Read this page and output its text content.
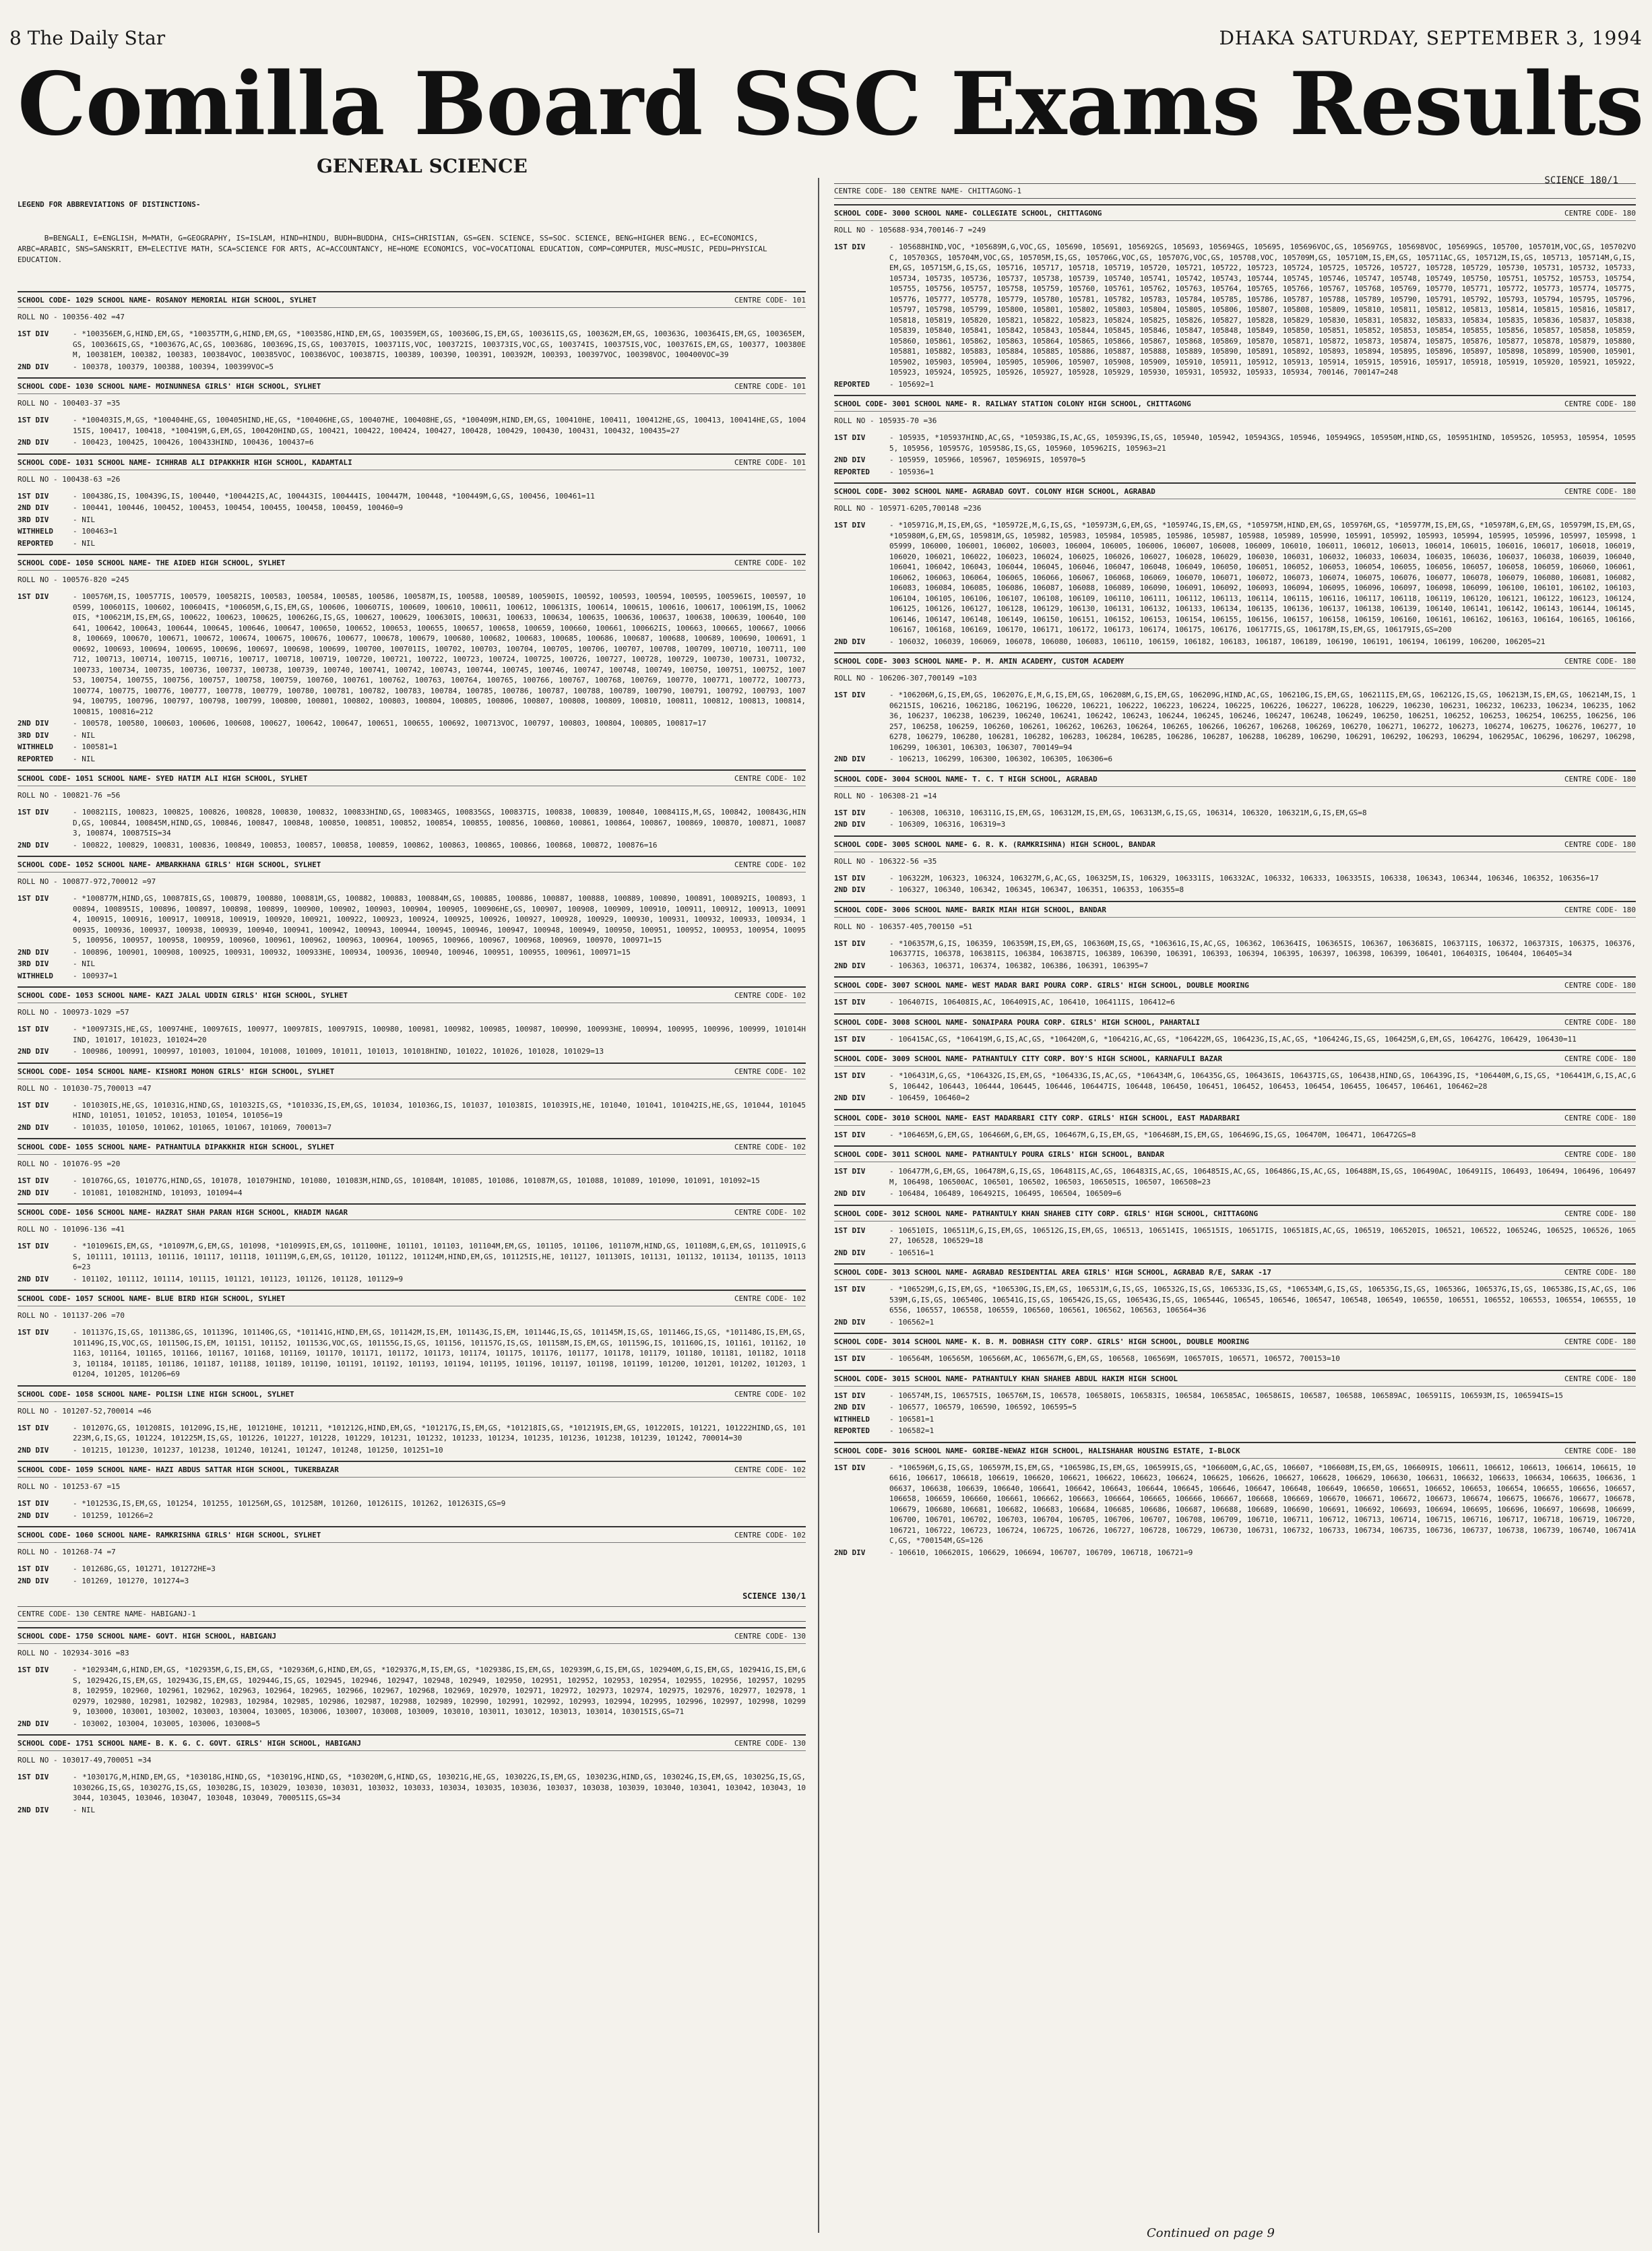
8 The Daily Star	DHAKA SATURDAY, SEPTEMBER 3, 1994
Comilla Board SSC Exams Results
GENERAL SCIENCE
SCIENCE 180/1

LEGEND FOR ABBREVIATIONS OF DISTINCTIONS-

B=BENGALI, E=ENGLISH, M=MATH, G=GEOGRAPHY, IS=ISLAM, HIND=HINDU, BUDH=BUDDHA, CHIS=CHRISTIAN, GS=GEN. SCIENCE, SS=SOC. SCIENCE, BENG=HIGHER BENG., EC=ECONOMICS, ARBC=ARABIC, SNS=SANSKRIT, EM=ELECTIVE MATH, SCA=SCIENCE FOR ARTS, AC=ACCOUNTANCY, HE=HOME ECONOMICS, VOC=VOCATIONAL EDUCATION, COMP=COMPUTER, MUSC=MUSIC, PEDU=PHYSICAL EDUCATION.

SCHOOL CODE- 1029 SCHOOL NAME- ROSANOY MEMORIAL HIGH SCHOOL, SYLHET	CENTRE CODE- 101
ROLL NO - 100356-402 =47
1ST DIV	- *100356EM,G,HIND,EM,GS, *100357TM,G,HIND,EM,GS, *100358G,HIND,EM,GS, 100359EM,GS, 100360G,IS,EM,GS, 100361IS,GS, 100362M,EM,GS, 100363G, 100364IS,EM,GS, 100365EM,GS, 100366IS,GS, *100367G,AC,GS, 100368G, 100369G,IS,GS, 100370IS, 100371IS,VOC, 100372IS, 100373IS,VOC,GS, 100374IS, 100375IS,VOC, 100376IS,EM,GS, 100377, 100380EM, 100381EM, 100382, 100383, 100384VOC, 100385VOC, 100386VOC, 100387IS, 100389, 100390, 100391, 100392M, 100393, 100397VOC, 100398VOC, 100400VOC=39
2ND DIV	- 100378, 100379, 100388, 100394, 100399VOC=5
SCHOOL CODE- 1030 SCHOOL NAME- MOINUNNESA GIRLS' HIGH SCHOOL, SYLHET	CENTRE CODE- 101
ROLL NO - 100403-37 =35
1ST DIV	- *100403IS,M,GS, *100404HE,GS, 100405HIND,HE,GS, *100406HE,GS, 100407HE, 100408HE,GS, *100409M,HIND,EM,GS, 100410HE, 100411, 100412HE,GS, 100413, 100414HE,GS, 100415IS, 100417, 100418, *100419M,G,EM,GS, 100420HIND,GS, 100421, 100422, 100424, 100427, 100428, 100429, 100430, 100431, 100432, 100435=27
2ND DIV	- 100423, 100425, 100426, 100433HIND, 100436, 100437=6
SCHOOL CODE- 1031 SCHOOL NAME- ICHHRAB ALI DIPAKKHIR HIGH SCHOOL, KADAMTALI	CENTRE CODE- 101
ROLL NO - 100438-63 =26
1ST DIV	- 100438G,IS, 100439G,IS, 100440, *100442IS,AC, 100443IS, 100444IS, 100447M, 100448, *100449M,G,GS, 100456, 100461=11
2ND DIV	- 100441, 100446, 100452, 100453, 100454, 100455, 100458, 100459, 100460=9
3RD DIV	- NIL
WITHHELD	- 100463=1
REPORTED	- NIL
SCHOOL CODE- 1050 SCHOOL NAME- THE AIDED HIGH SCHOOL, SYLHET	CENTRE CODE- 102
ROLL NO - 100576-820 =245
1ST DIV	- 100576M,IS, 100577IS, 100579, 100582IS, 100583, 100584, 100585, 100586, 100587M,IS, 100588, 100589, 100590IS, 100592, 100593, 100594, 100595, 100596IS, 100597, 100599, 100601IS, 100602, 100604IS, *100605M,G,IS,EM,GS, 100606, 100607IS, 100609, 100610, 100611, 100612, 100613IS, 100614, 100615, 100616, 100617, 100619M,IS, 100620IS, *100621M,IS,EM,GS, 100622, 100623, 100625, 100626G,IS,GS, 100627, 100629, 100630IS, 100631, 100633, 100634, 100635, 100636, 100637, 100638, 100639, 100640, 100641, 100642, 100643, 100644, 100645, 100646, 100647, 100650, 100652, 100653, 100655, 100657, 100658, 100659, 100660, 100661, 100662IS, 100663, 100665, 100667, 100668, 100669, 100670, 100671, 100672, 100674, 100675, 100676, 100677, 100678, 100679, 100680, 100682, 100683, 100685, 100686, 100687, 100688, 100689, 100690, 100691, 100692, 100693, 100694, 100695, 100696, 100697, 100698, 100699, 100700, 100701IS, 100702, 100703, 100704, 100705, 100706, 100707, 100708, 100709, 100710, 100711, 100712, 100713, 100714, 100715, 100716, 100717, 100718, 100719, 100720, 100721, 100722, 100723, 100724, 100725, 100726, 100727, 100728, 100729, 100730, 100731, 100732, 100733, 100734, 100735, 100736, 100737, 100738, 100739, 100740, 100741, 100742, 100743, 100744, 100745, 100746, 100747, 100748, 100749, 100750, 100751, 100752, 100753, 100754, 100755, 100756, 100757, 100758, 100759, 100760, 100761, 100762, 100763, 100764, 100765, 100766, 100767, 100768, 100769, 100770, 100771, 100772, 100773, 100774, 100775, 100776, 100777, 100778, 100779, 100780, 100781, 100782, 100783, 100784, 100785, 100786, 100787, 100788, 100789, 100790, 100791, 100792, 100793, 100794, 100795, 100796, 100797, 100798, 100799, 100800, 100801, 100802, 100803, 100804, 100805, 100806, 100807, 100808, 100809, 100810, 100811, 100812, 100813, 100814, 100815, 100816=212
2ND DIV	- 100578, 100580, 100603, 100606, 100608, 100627, 100642, 100647, 100651, 100655, 100692, 100713VOC, 100797, 100803, 100804, 100805, 100817=17
3RD DIV	- NIL
WITHHELD	- 100581=1
REPORTED	- NIL
SCHOOL CODE- 1051 SCHOOL NAME- SYED HATIM ALI HIGH SCHOOL, SYLHET	CENTRE CODE- 102
ROLL NO - 100821-76 =56
1ST DIV	- 100821IS, 100823, 100825, 100826, 100828, 100830, 100832, 100833HIND,GS, 100834GS, 100835GS, 100837IS, 100838, 100839, 100840, 100841IS,M,GS, 100842, 100843G,HIND,GS, 100844, 100845M,HIND,GS, 100846, 100847, 100848, 100850, 100851, 100852, 100854, 100855, 100856, 100860, 100861, 100864, 100867, 100869, 100870, 100871, 100873, 100874, 100875IS=34
2ND DIV	- 100822, 100829, 100831, 100836, 100849, 100853, 100857, 100858, 100859, 100862, 100863, 100865, 100866, 100868, 100872, 100876=16
SCHOOL CODE- 1052 SCHOOL NAME- AMBARKHANA GIRLS' HIGH SCHOOL, SYLHET	CENTRE CODE- 102
ROLL NO - 100877-972,700012 =97
1ST DIV	- *100877M,HIND,GS, 100878IS,GS, 100879, 100880, 100881M,GS, 100882, 100883, 100884M,GS, 100885, 100886, 100887, 100888, 100889, 100890, 100891, 100892IS, 100893, 100894, 100895IS, 100896, 100897, 100898, 100899, 100900, 100902, 100903, 100904, 100905, 100906HE,GS, 100907, 100908, 100909, 100910, 100911, 100912, 100913, 100914, 100915, 100916, 100917, 100918, 100919, 100920, 100921, 100922, 100923, 100924, 100925, 100926, 100927, 100928, 100929, 100930, 100931, 100932, 100933, 100934, 100935, 100936, 100937, 100938, 100939, 100940, 100941, 100942, 100943, 100944, 100945, 100946, 100947, 100948, 100949, 100950, 100951, 100952, 100953, 100954, 100955, 100956, 100957, 100958, 100959, 100960, 100961, 100962, 100963, 100964, 100965, 100966, 100967, 100968, 100969, 100970, 100971=15
2ND DIV	- 100896, 100901, 100908, 100925, 100931, 100932, 100933HE, 100934, 100936, 100940, 100946, 100951, 100955, 100961, 100971=15
3RD DIV	- NIL
WITHHELD	- 100937=1
SCHOOL CODE- 1053 SCHOOL NAME- KAZI JALAL UDDIN GIRLS' HIGH SCHOOL, SYLHET	CENTRE CODE- 102
ROLL NO - 100973-1029 =57
1ST DIV	- *100973IS,HE,GS, 100974HE, 100976IS, 100977, 100978IS, 100979IS, 100980, 100981, 100982, 100985, 100987, 100990, 100993HE, 100994, 100995, 100996, 100999, 101014HIND, 101017, 101023, 101024=20
2ND DIV	- 100986, 100991, 100997, 101003, 101004, 101008, 101009, 101011, 101013, 101018HIND, 101022, 101026, 101028, 101029=13
SCHOOL CODE- 1054 SCHOOL NAME- KISHORI MOHON GIRLS' HIGH SCHOOL, SYLHET	CENTRE CODE- 102
ROLL NO - 101030-75,700013 =47
1ST DIV	- 101030IS,HE,GS, 101031G,HIND,GS, 101032IS,GS, *101033G,IS,EM,GS, 101034, 101036G,IS, 101037, 101038IS, 101039IS,HE, 101040, 101041, 101042IS,HE,GS, 101044, 101045HIND, 101051, 101052, 101053, 101054, 101056=19
2ND DIV	- 101035, 101050, 101062, 101065, 101067, 101069, 700013=7
SCHOOL CODE- 1055 SCHOOL NAME- PATHANTULA DIPAKKHIR HIGH SCHOOL, SYLHET	CENTRE CODE- 102
ROLL NO - 101076-95 =20
1ST DIV	- 101076G,GS, 101077G,HIND,GS, 101078, 101079HIND, 101080, 101083M,HIND,GS, 101084M, 101085, 101086, 101087M,GS, 101088, 101089, 101090, 101091, 101092=15
2ND DIV	- 101081, 101082HIND, 101093, 101094=4
SCHOOL CODE- 1056 SCHOOL NAME- HAZRAT SHAH PARAN HIGH SCHOOL, KHADIM NAGAR	CENTRE CODE- 102
ROLL NO - 101096-136 =41
1ST DIV	- *101096IS,EM,GS, *101097M,G,EM,GS, 101098, *101099IS,EM,GS, 101100HE, 101101, 101103, 101104M,EM,GS, 101105, 101106, 101107M,HIND,GS, 101108M,G,EM,GS, 101109IS,GS, 101111, 101113, 101116, 101117, 101118, 101119M,G,EM,GS, 101120, 101122, 101124M,HIND,EM,GS, 101125IS,HE, 101127, 101130IS, 101131, 101132, 101134, 101135, 101136=23
2ND DIV	- 101102, 101112, 101114, 101115, 101121, 101123, 101126, 101128, 101129=9
SCHOOL CODE- 1057 SCHOOL NAME- BLUE BIRD HIGH SCHOOL, SYLHET	CENTRE CODE- 102
ROLL NO - 101137-206 =70
1ST DIV	- 101137G,IS,GS, 101138G,GS, 101139G, 101140G,GS, *101141G,HIND,EM,GS, 101142M,IS,EM, 101143G,IS,EM, 101144G,IS,GS, 101145M,IS,GS, 101146G,IS,GS, *101148G,IS,EM,GS, 101149G,IS,VOC,GS, 101150G,IS,EM, 101151, 101152, 101153G,VOC,GS, 101155G,IS,GS, 101156, 101157G,IS,GS, 101158M,IS,EM,GS, 101159G,IS, 101160G,IS, 101161, 101162, 101163, 101164, 101165, 101166, 101167, 101168, 101169, 101170, 101171, 101172, 101173, 101174, 101175, 101176, 101177, 101178, 101179, 101180, 101181, 101182, 101183, 101184, 101185, 101186, 101187, 101188, 101189, 101190, 101191, 101192, 101193, 101194, 101195, 101196, 101197, 101198, 101199, 101200, 101201, 101202, 101203, 101204, 101205, 101206=69
SCHOOL CODE- 1058 SCHOOL NAME- POLISH LINE HIGH SCHOOL, SYLHET	CENTRE CODE- 102
ROLL NO - 101207-52,700014 =46
1ST DIV	- 101207G,GS, 101208IS, 101209G,IS,HE, 101210HE, 101211, *101212G,HIND,EM,GS, *101217G,IS,EM,GS, *101218IS,GS, *101219IS,EM,GS, 101220IS, 101221, 101222HIND,GS, 101223M,G,IS,GS, 101224, 101225M,IS,GS, 101226, 101227, 101228, 101229, 101231, 101232, 101233, 101234, 101235, 101236, 101238, 101239, 101242, 700014=30
2ND DIV	- 101215, 101230, 101237, 101238, 101240, 101241, 101247, 101248, 101250, 101251=10
SCHOOL CODE- 1059 SCHOOL NAME- HAZI ABDUS SATTAR HIGH SCHOOL, TUKERBAZAR	CENTRE CODE- 102
ROLL NO - 101253-67 =15
1ST DIV	- *101253G,IS,EM,GS, 101254, 101255, 101256M,GS, 101258M, 101260, 101261IS, 101262, 101263IS,GS=9
2ND DIV	- 101259, 101266=2
SCHOOL CODE- 1060 SCHOOL NAME- RAMKRISHNA GIRLS' HIGH SCHOOL, SYLHET	CENTRE CODE- 102
ROLL NO - 101268-74 =7
1ST DIV	- 101268G,GS, 101271, 101272HE=3
2ND DIV	- 101269, 101270, 101274=3
SCIENCE 130/1
CENTRE CODE- 130 CENTRE NAME- HABIGANJ-1
SCHOOL CODE- 1750 SCHOOL NAME- GOVT. HIGH SCHOOL, HABIGANJ	CENTRE CODE- 130
ROLL NO - 102934-3016 =83
1ST DIV	- *102934M,G,HIND,EM,GS, *102935M,G,IS,EM,GS, *102936M,G,HIND,EM,GS, *102937G,M,IS,EM,GS, *102938G,IS,EM,GS, 102939M,G,IS,EM,GS, 102940M,G,IS,EM,GS, 102941G,IS,EM,GS, 102942G,IS,EM,GS, 102943G,IS,EM,GS, 102944G,IS,GS, 102945, 102946, 102947, 102948, 102949, 102950, 102951, 102952, 102953, 102954, 102955, 102956, 102957, 102958, 102959, 102960, 102961, 102962, 102963, 102964, 102965, 102966, 102967, 102968, 102969, 102970, 102971, 102972, 102973, 102974, 102975, 102976, 102977, 102978, 102979, 102980, 102981, 102982, 102983, 102984, 102985, 102986, 102987, 102988, 102989, 102990, 102991, 102992, 102993, 102994, 102995, 102996, 102997, 102998, 102999, 103000, 103001, 103002, 103003, 103004, 103005, 103006, 103007, 103008, 103009, 103010, 103011, 103012, 103013, 103014, 103015IS,GS=71
2ND DIV	- 103002, 103004, 103005, 103006, 103008=5
SCHOOL CODE- 1751 SCHOOL NAME- B. K. G. C. GOVT. GIRLS' HIGH SCHOOL, HABIGANJ	CENTRE CODE- 130
ROLL NO - 103017-49,700051 =34
1ST DIV	- *103017G,M,HIND,EM,GS, *103018G,HIND,GS, *103019G,HIND,GS, *103020M,G,HIND,GS, 103021G,HE,GS, 103022G,IS,EM,GS, 103023G,HIND,GS, 103024G,IS,EM,GS, 103025G,IS,GS, 103026G,IS,GS, 103027G,IS,GS, 103028G,IS, 103029, 103030, 103031, 103032, 103033, 103034, 103035, 103036, 103037, 103038, 103039, 103040, 103041, 103042, 103043, 103044, 103045, 103046, 103047, 103048, 103049, 700051IS,GS=34
2ND DIV	- NIL
CENTRE CODE- 180 CENTRE NAME- CHITTAGONG-1
SCHOOL CODE- 3000 SCHOOL NAME- COLLEGIATE SCHOOL, CHITTAGONG	CENTRE CODE- 180
ROLL NO - 105688-934,700146-7 =249
1ST DIV	- 105688HIND,VOC, *105689M,G,VOC,GS, 105690, 105691, 105692GS, 105693, 105694GS, 105695, 105696VOC,GS, 105697GS, 105698VOC, 105699GS, 105700, 105701M,VOC,GS, 105702VOC, 105703GS, 105704M,VOC,GS, 105705M,IS,GS, 105706G,VOC,GS, 105707G,VOC,GS, 105708,VOC, 105709M,GS, 105710M,IS,EM,GS, 105711AC,GS, 105712M,IS,GS, 105713, 105714M,G,IS,EM,GS, 105715M,G,IS,GS, 105716, 105717, 105718, 105719, 105720, 105721, 105722, 105723, 105724, 105725, 105726, 105727, 105728, 105729, 105730, 105731, 105732, 105733, 105734, 105735, 105736, 105737, 105738, 105739, 105740, 105741, 105742, 105743, 105744, 105745, 105746, 105747, 105748, 105749, 105750, 105751, 105752, 105753, 105754, 105755, 105756, 105757, 105758, 105759, 105760, 105761, 105762, 105763, 105764, 105765, 105766, 105767, 105768, 105769, 105770, 105771, 105772, 105773, 105774, 105775, 105776, 105777, 105778, 105779, 105780, 105781, 105782, 105783, 105784, 105785, 105786, 105787, 105788, 105789, 105790, 105791, 105792, 105793, 105794, 105795, 105796, 105797, 105798, 105799, 105800, 105801, 105802, 105803, 105804, 105805, 105806, 105807, 105808, 105809, 105810, 105811, 105812, 105813, 105814, 105815, 105816, 105817, 105818, 105819, 105820, 105821, 105822, 105823, 105824, 105825, 105826, 105827, 105828, 105829, 105830, 105831, 105832, 105833, 105834, 105835, 105836, 105837, 105838, 105839, 105840, 105841, 105842, 105843, 105844, 105845, 105846, 105847, 105848, 105849, 105850, 105851, 105852, 105853, 105854, 105855, 105856, 105857, 105858, 105859, 105860, 105861, 105862, 105863, 105864, 105865, 105866, 105867, 105868, 105869, 105870, 105871, 105872, 105873, 105874, 105875, 105876, 105877, 105878, 105879, 105880, 105881, 105882, 105883, 105884, 105885, 105886, 105887, 105888, 105889, 105890, 105891, 105892, 105893, 105894, 105895, 105896, 105897, 105898, 105899, 105900, 105901, 105902, 105903, 105904, 105905, 105906, 105907, 105908, 105909, 105910, 105911, 105912, 105913, 105914, 105915, 105916, 105917, 105918, 105919, 105920, 105921, 105922, 105923, 105924, 105925, 105926, 105927, 105928, 105929, 105930, 105931, 105932, 105933, 105934, 700146, 700147=248
REPORTED	- 105692=1
SCHOOL CODE- 3001 SCHOOL NAME- R. RAILWAY STATION COLONY HIGH SCHOOL, CHITTAGONG	CENTRE CODE- 180
ROLL NO - 105935-70 =36
1ST DIV	- 105935, *105937HIND,AC,GS, *105938G,IS,AC,GS, 105939G,IS,GS, 105940, 105942, 105943GS, 105946, 105949GS, 105950M,HIND,GS, 105951HIND, 105952G, 105953, 105954, 105955, 105956, 105957G, 105958G,IS,GS, 105960, 105962IS, 105963=21
2ND DIV	- 105959, 105966, 105967, 105969IS, 105970=5
REPORTED	- 105936=1
SCHOOL CODE- 3002 SCHOOL NAME- AGRABAD GOVT. COLONY HIGH SCHOOL, AGRABAD	CENTRE CODE- 180
ROLL NO - 105971-6205,700148 =236
1ST DIV	- *105971G,M,IS,EM,GS, *105972E,M,G,IS,GS, *105973M,G,EM,GS, *105974G,IS,EM,GS, *105975M,HIND,EM,GS, 105976M,GS, *105977M,IS,EM,GS, *105978M,G,EM,GS, 105979M,IS,EM,GS, *105980M,G,EM,GS, 105981M,GS, 105982, 105983, 105984, 105985, 105986, 105987, 105988, 105989, 105990, 105991, 105992, 105993, 105994, 105995, 105996, 105997, 105998, 105999, 106000, 106001, 106002, 106003, 106004, 106005, 106006, 106007, 106008, 106009, 106010, 106011, 106012, 106013, 106014, 106015, 106016, 106017, 106018, 106019, 106020, 106021, 106022, 106023, 106024, 106025, 106026, 106027, 106028, 106029, 106030, 106031, 106032, 106033, 106034, 106035, 106036, 106037, 106038, 106039, 106040, 106041, 106042, 106043, 106044, 106045, 106046, 106047, 106048, 106049, 106050, 106051, 106052, 106053, 106054, 106055, 106056, 106057, 106058, 106059, 106060, 106061, 106062, 106063, 106064, 106065, 106066, 106067, 106068, 106069, 106070, 106071, 106072, 106073, 106074, 106075, 106076, 106077, 106078, 106079, 106080, 106081, 106082, 106083, 106084, 106085, 106086, 106087, 106088, 106089, 106090, 106091, 106092, 106093, 106094, 106095, 106096, 106097, 106098, 106099, 106100, 106101, 106102, 106103, 106104, 106105, 106106, 106107, 106108, 106109, 106110, 106111, 106112, 106113, 106114, 106115, 106116, 106117, 106118, 106119, 106120, 106121, 106122, 106123, 106124, 106125, 106126, 106127, 106128, 106129, 106130, 106131, 106132, 106133, 106134, 106135, 106136, 106137, 106138, 106139, 106140, 106141, 106142, 106143, 106144, 106145, 106146, 106147, 106148, 106149, 106150, 106151, 106152, 106153, 106154, 106155, 106156, 106157, 106158, 106159, 106160, 106161, 106162, 106163, 106164, 106165, 106166, 106167, 106168, 106169, 106170, 106171, 106172, 106173, 106174, 106175, 106176, 106177IS,GS, 106178M,IS,EM,GS, 106179IS,GS=200
2ND DIV	- 106032, 106039, 106069, 106078, 106080, 106083, 106110, 106159, 106182, 106183, 106187, 106189, 106190, 106191, 106194, 106199, 106200, 106205=21
SCHOOL CODE- 3003 SCHOOL NAME- P. M. AMIN ACADEMY, CUSTOM ACADEMY	CENTRE CODE- 180
ROLL NO - 106206-307,700149 =103
1ST DIV	- *106206M,G,IS,EM,GS, 106207G,E,M,G,IS,EM,GS, 106208M,G,IS,EM,GS, 106209G,HIND,AC,GS, 106210G,IS,EM,GS, 106211IS,EM,GS, 106212G,IS,GS, 106213M,IS,EM,GS, 106214M,IS, 106215IS, 106216, 106218G, 106219G, 106220, 106221, 106222, 106223, 106224, 106225, 106226, 106227, 106228, 106229, 106230, 106231, 106232, 106233, 106234, 106235, 106236, 106237, 106238, 106239, 106240, 106241, 106242, 106243, 106244, 106245, 106246, 106247, 106248, 106249, 106250, 106251, 106252, 106253, 106254, 106255, 106256, 106257, 106258, 106259, 106260, 106261, 106262, 106263, 106264, 106265, 106266, 106267, 106268, 106269, 106270, 106271, 106272, 106273, 106274, 106275, 106276, 106277, 106278, 106279, 106280, 106281, 106282, 106283, 106284, 106285, 106286, 106287, 106288, 106289, 106290, 106291, 106292, 106293, 106294, 106295AC, 106296, 106297, 106298, 106299, 106301, 106303, 106307, 700149=94
2ND DIV	- 106213, 106299, 106300, 106302, 106305, 106306=6
SCHOOL CODE- 3004 SCHOOL NAME- T. C. T HIGH SCHOOL, AGRABAD	CENTRE CODE- 180
ROLL NO - 106308-21 =14
1ST DIV	- 106308, 106310, 106311G,IS,EM,GS, 106312M,IS,EM,GS, 106313M,G,IS,GS, 106314, 106320, 106321M,G,IS,EM,GS=8
2ND DIV	- 106309, 106316, 106319=3
SCHOOL CODE- 3005 SCHOOL NAME- G. R. K. (RAMKRISHNA) HIGH SCHOOL, BANDAR	CENTRE CODE- 180
ROLL NO - 106322-56 =35
1ST DIV	- 106322M, 106323, 106324, 106327M,G,AC,GS, 106325M,IS, 106329, 106331IS, 106332AC, 106332, 106333, 106335IS, 106338, 106343, 106344, 106346, 106352, 106356=17
2ND DIV	- 106327, 106340, 106342, 106345, 106347, 106351, 106353, 106355=8
SCHOOL CODE- 3006 SCHOOL NAME- BARIK MIAH HIGH SCHOOL, BANDAR	CENTRE CODE- 180
ROLL NO - 106357-405,700150 =51
1ST DIV	- *106357M,G,IS, 106359, 106359M,IS,EM,GS, 106360M,IS,GS, *106361G,IS,AC,GS, 106362, 106364IS, 106365IS, 106367, 106368IS, 106371IS, 106372, 106373IS, 106375, 106376, 106377IS, 106378, 106381IS, 106384, 106387IS, 106389, 106390, 106391, 106393, 106394, 106395, 106397, 106398, 106399, 106401, 106403IS, 106404, 106405=34
2ND DIV	- 106363, 106371, 106374, 106382, 106386, 106391, 106395=7
SCHOOL CODE- 3007 SCHOOL NAME- WEST MADAR BARI POURA CORP. GIRLS' HIGH SCHOOL, DOUBLE MOORING	CENTRE CODE- 180
1ST DIV	- 106407IS, 106408IS,AC, 106409IS,AC, 106410, 106411IS, 106412=6
SCHOOL CODE- 3008 SCHOOL NAME- SONAIPARA POURA CORP. GIRLS' HIGH SCHOOL, PAHARTALI	CENTRE CODE- 180
1ST DIV	- 106415AC,GS, *106419M,G,IS,AC,GS, *106420M,G, *106421G,AC,GS, *106422M,GS, 106423G,IS,AC,GS, *106424G,IS,GS, 106425M,G,EM,GS, 106427G, 106429, 106430=11
SCHOOL CODE- 3009 SCHOOL NAME- PATHANTULY CITY CORP. BOY'S HIGH SCHOOL, KARNAFULI BAZAR	CENTRE CODE- 180
1ST DIV	- *106431M,G,GS, *106432G,IS,EM,GS, *106433G,IS,AC,GS, *106434M,G, 106435G,GS, 106436IS, 106437IS,GS, 106438,HIND,GS, 106439G,IS, *106440M,G,IS,GS, *106441M,G,IS,AC,GS, 106442, 106443, 106444, 106445, 106446, 106447IS, 106448, 106450, 106451, 106452, 106453, 106454, 106455, 106457, 106461, 106462=28
2ND DIV	- 106459, 106460=2
SCHOOL CODE- 3010 SCHOOL NAME- EAST MADARBARI CITY CORP. GIRLS' HIGH SCHOOL, EAST MADARBARI	CENTRE CODE- 180
1ST DIV	- *106465M,G,EM,GS, 106466M,G,EM,GS, 106467M,G,IS,EM,GS, *106468M,IS,EM,GS, 106469G,IS,GS, 106470M, 106471, 106472GS=8
SCHOOL CODE- 3011 SCHOOL NAME- PATHANTULY POURA GIRLS' HIGH SCHOOL, BANDAR	CENTRE CODE- 180
1ST DIV	- 106477M,G,EM,GS, 106478M,G,IS,GS, 106481IS,AC,GS, 106483IS,AC,GS, 106485IS,AC,GS, 106486G,IS,AC,GS, 106488M,IS,GS, 106490AC, 106491IS, 106493, 106494, 106496, 106497M, 106498, 106500AC, 106501, 106502, 106503, 106505IS, 106507, 106508=23
2ND DIV	- 106484, 106489, 106492IS, 106495, 106504, 106509=6
SCHOOL CODE- 3012 SCHOOL NAME- PATHANTULY KHAN SHAHEB CITY CORP. GIRLS' HIGH SCHOOL, CHITTAGONG	CENTRE CODE- 180
1ST DIV	- 106510IS, 106511M,G,IS,EM,GS, 106512G,IS,EM,GS, 106513, 106514IS, 106515IS, 106517IS, 106518IS,AC,GS, 106519, 106520IS, 106521, 106522, 106524G, 106525, 106526, 106527, 106528, 106529=18
2ND DIV	- 106516=1
SCHOOL CODE- 3013 SCHOOL NAME- AGRABAD RESIDENTIAL AREA GIRLS' HIGH SCHOOL, AGRABAD R/E, SARAK -17	CENTRE CODE- 180
1ST DIV	- *106529M,G,IS,EM,GS, *106530G,IS,EM,GS, 106531M,G,IS,GS, 106532G,IS,GS, 106533G,IS,GS, *106534M,G,IS,GS, 106535G,IS,GS, 106536G, 106537G,IS,GS, 106538G,IS,AC,GS, 106539M,G,IS,GS, 106540G, 106541G,IS,GS, 106542G,IS,GS, 106543G,IS,GS, 106544G, 106545, 106546, 106547, 106548, 106549, 106550, 106551, 106552, 106553, 106554, 106555, 106556, 106557, 106558, 106559, 106560, 106561, 106562, 106563, 106564=36
2ND DIV	- 106562=1
SCHOOL CODE- 3014 SCHOOL NAME- K. B. M. DOBHASH CITY CORP. GIRLS' HIGH SCHOOL, DOUBLE MOORING	CENTRE CODE- 180
1ST DIV	- 106564M, 106565M, 106566M,AC, 106567M,G,EM,GS, 106568, 106569M, 106570IS, 106571, 106572, 700153=10
SCHOOL CODE- 3015 SCHOOL NAME- PATHANTULY KHAN SHAHEB ABDUL HAKIM HIGH SCHOOL	CENTRE CODE- 180
1ST DIV	- 106574M,IS, 106575IS, 106576M,IS, 106578, 106580IS, 106583IS, 106584, 106585AC, 106586IS, 106587, 106588, 106589AC, 106591IS, 106593M,IS, 106594IS=15
2ND DIV	- 106577, 106579, 106590, 106592, 106595=5
WITHHELD	- 106581=1
REPORTED	- 106582=1
SCHOOL CODE- 3016 SCHOOL NAME- GORIBE-NEWAZ HIGH SCHOOL, HALISHAHAR HOUSING ESTATE, I-BLOCK	CENTRE CODE- 180
1ST DIV	- *106596M,G,IS,GS, 106597M,IS,EM,GS, *106598G,IS,EM,GS, 106599IS,GS, *106600M,G,AC,GS, 106607, *106608M,IS,EM,GS, 106609IS, 106611, 106612, 106613, 106614, 106615, 106616, 106617, 106618, 106619, 106620, 106621, 106622, 106623, 106624, 106625, 106626, 106627, 106628, 106629, 106630, 106631, 106632, 106633, 106634, 106635, 106636, 106637, 106638, 106639, 106640, 106641, 106642, 106643, 106644, 106645, 106646, 106647, 106648, 106649, 106650, 106651, 106652, 106653, 106654, 106655, 106656, 106657, 106658, 106659, 106660, 106661, 106662, 106663, 106664, 106665, 106666, 106667, 106668, 106669, 106670, 106671, 106672, 106673, 106674, 106675, 106676, 106677, 106678, 106679, 106680, 106681, 106682, 106683, 106684, 106685, 106686, 106687, 106688, 106689, 106690, 106691, 106692, 106693, 106694, 106695, 106696, 106697, 106698, 106699, 106700, 106701, 106702, 106703, 106704, 106705, 106706, 106707, 106708, 106709, 106710, 106711, 106712, 106713, 106714, 106715, 106716, 106717, 106718, 106719, 106720, 106721, 106722, 106723, 106724, 106725, 106726, 106727, 106728, 106729, 106730, 106731, 106732, 106733, 106734, 106735, 106736, 106737, 106738, 106739, 106740, 106741AC,GS, *700154M,GS=126
2ND DIV	- 106610, 106620IS, 106629, 106694, 106707, 106709, 106718, 106721=9
Continued on page 9
